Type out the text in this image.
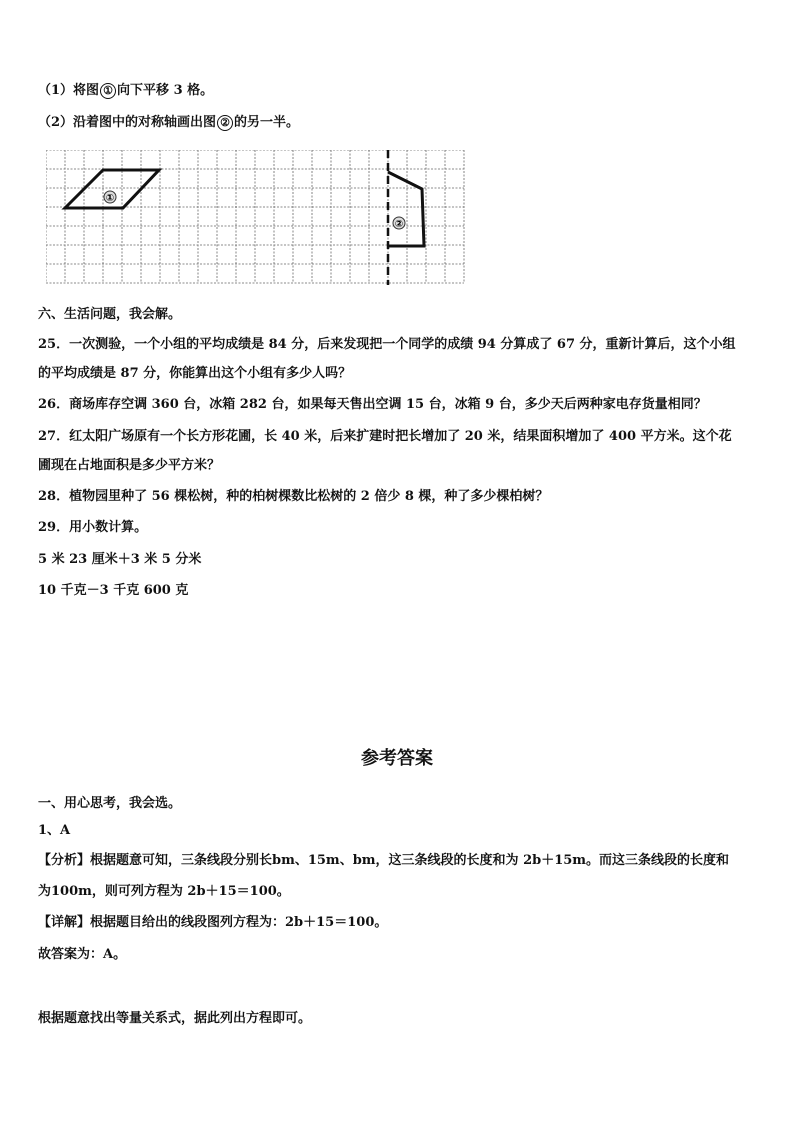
（1）将图 ① 向下平移 3 格。
（2）沿着图中的对称轴画出图 ② 的另一半。
①
②
六、生活问题，我会解。
25．一次测验，一个小组的平均成绩是 84 分，后来发现把一个同学的成绩 94 分算成了 67 分，重新计算后，这个小组
的平均成绩是 87 分，你能算出这个小组有多少人吗？
26．商场库存空调 360 台，冰箱 282 台，如果每天售出空调 15 台，冰箱 9 台，多少天后两种家电存货量相同？
27．红太阳广场原有一个长方形花圃，长 40 米，后来扩建时把长增加了 20 米，结果面积增加了 400 平方米。这个花
圃现在占地面积是多少平方米？
28．植物园里种了 56 棵松树，种的柏树棵数比松树的 2 倍少 8 棵，种了多少棵柏树？
29．用小数计算。
5 米 23 厘米＋3 米 5 分米
10 千克－3 千克 600 克
参考答案
一、用心思考，我会选。
1、A
【分析】根据题意可知，三条线段分别长bm、15m、bm，这三条线段的长度和为 2b＋15m。而这三条线段的长度和
为100m，则可列方程为 2b＋15＝100。
【详解】根据题目给出的线段图列方程为：2b＋15＝100。
故答案为：A。
根据题意找出等量关系式，据此列出方程即可。
